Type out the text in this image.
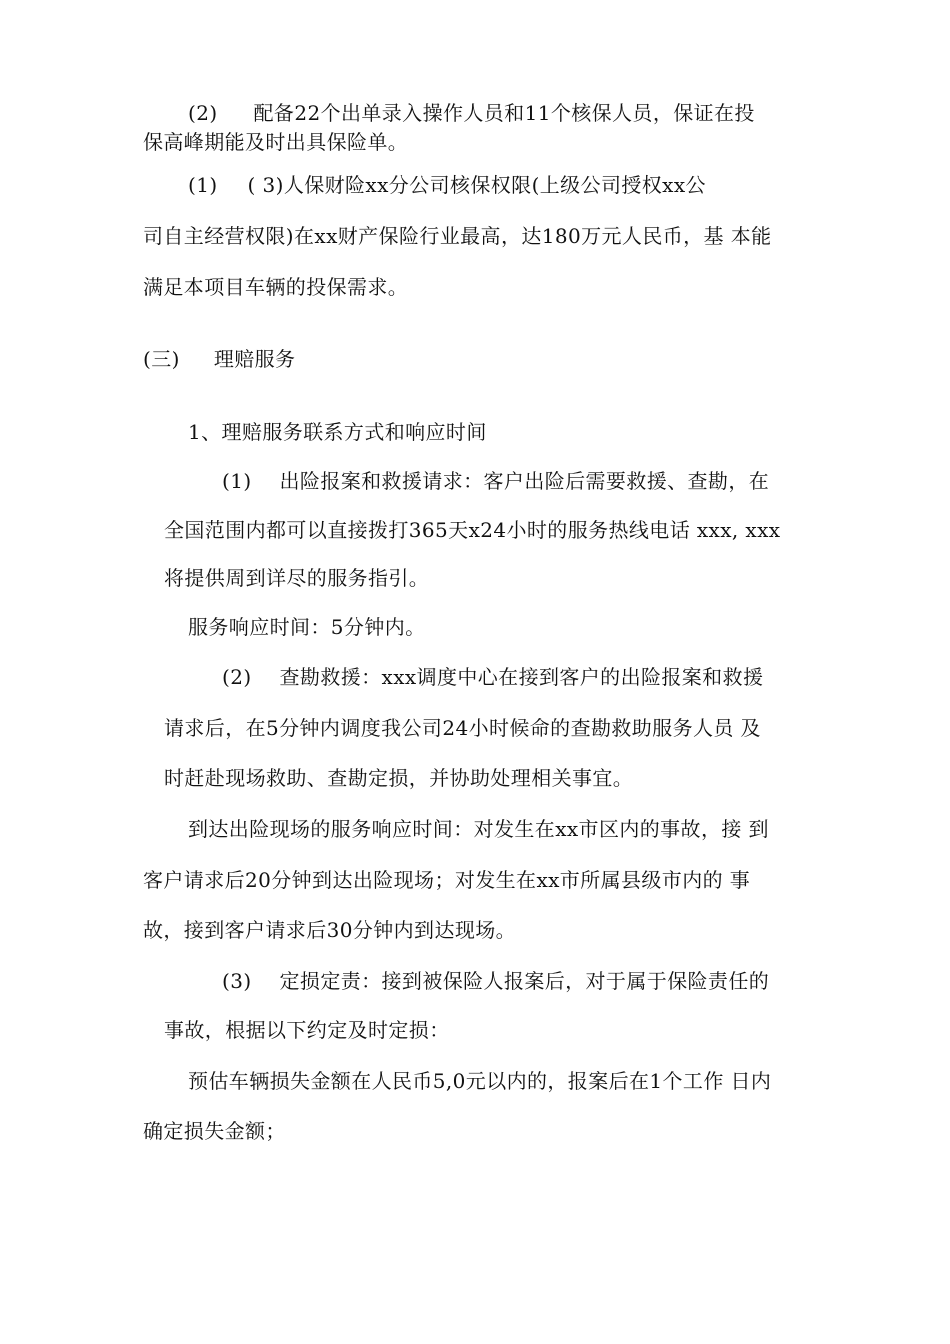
(2) 配备22个出单录入操作人员和11个核保人员，保证在投
保高峰期能及时出具保险单。
(1) ( 3)人保财险xx分公司核保权限(上级公司授权xx公
司自主经营权限)在xx财产保险行业最高，达180万元人民币，基 本能
满足本项目车辆的投保需求。
(三) 理赔服务
1、理赔服务联系方式和响应时间
(1) 出险报案和救援请求：客户出险后需要救援、查勘，在
全国范围内都可以直接拨打365天x24小时的服务热线电话 xxx, xxx
将提供周到详尽的服务指引。
服务响应时间：5分钟内。
(2) 查勘救援：xxx调度中心在接到客户的出险报案和救援
请求后，在5分钟内调度我公司24小时候命的查勘救助服务人员 及
时赶赴现场救助、查勘定损，并协助处理相关事宜。
到达出险现场的服务响应时间：对发生在xx市区内的事故，接 到
客户请求后20分钟到达出险现场；对发生在xx市所属县级市内的 事
故，接到客户请求后30分钟内到达现场。
(3) 定损定责：接到被保险人报案后，对于属于保险责任的
事故，根据以下约定及时定损：
预估车辆损失金额在人民币5,0元以内的，报案后在1个工作 日内
确定损失金额；
